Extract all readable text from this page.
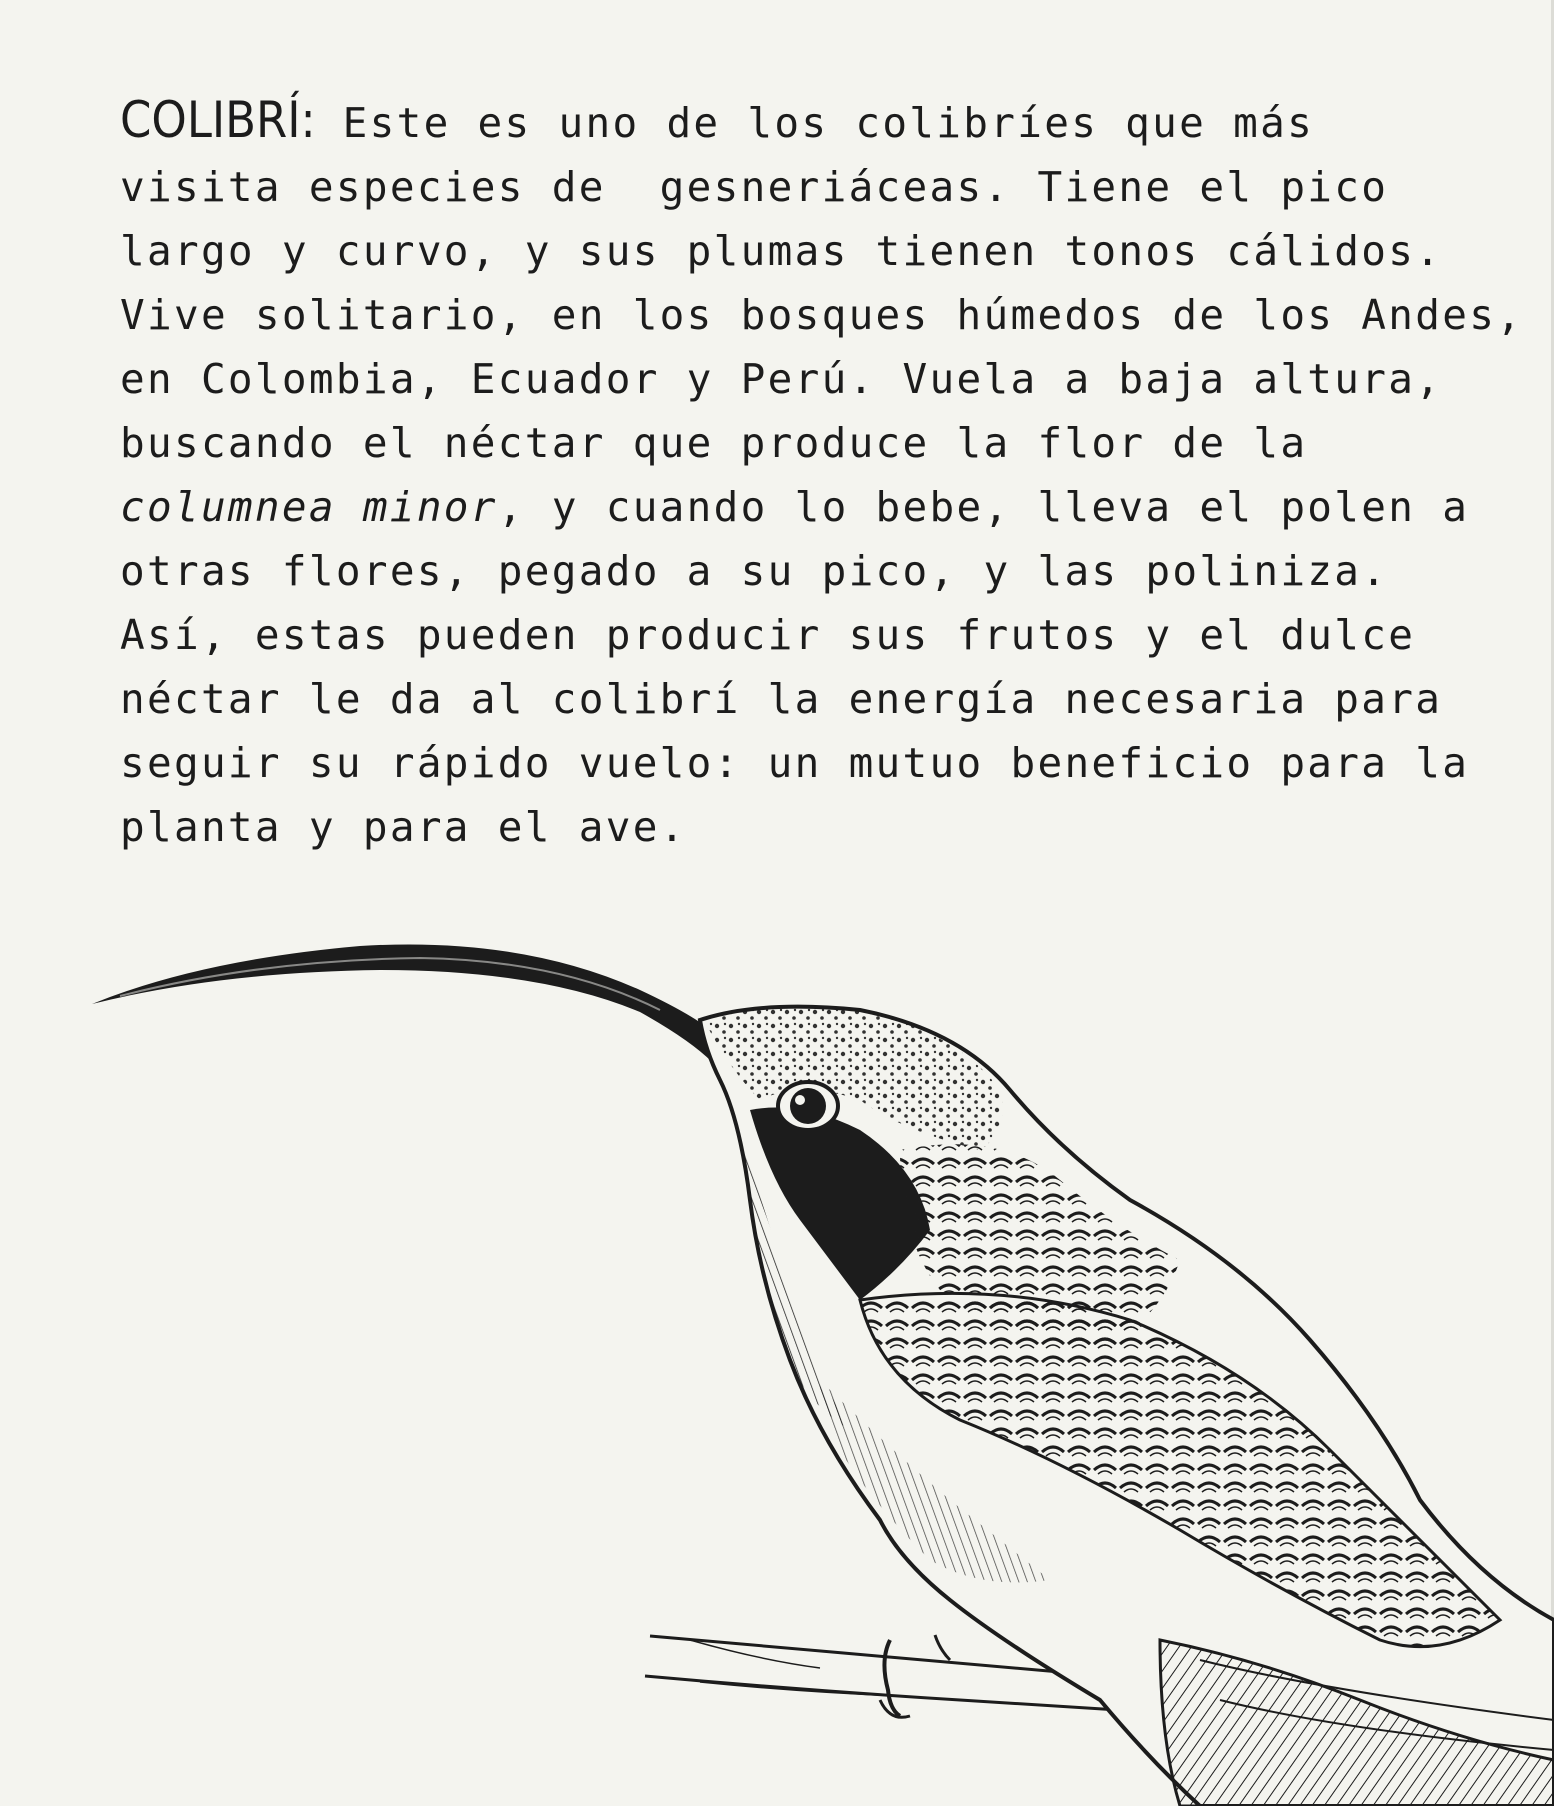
COLIBRÍ: Este es uno de los colibríes que más
visita especies de  gesneriáceas. Tiene el pico
largo y curvo, y sus plumas tienen tonos cálidos.
Vive solitario, en los bosques húmedos de los Andes,
en Colombia, Ecuador y Perú. Vuela a baja altura,
buscando el néctar que produce la flor de la
columnea minor, y cuando lo bebe, lleva el polen a
otras flores, pegado a su pico, y las poliniza.
Así, estas pueden producir sus frutos y el dulce
néctar le da al colibrí la energía necesaria para
seguir su rápido vuelo: un mutuo beneficio para la
planta y para el ave.
